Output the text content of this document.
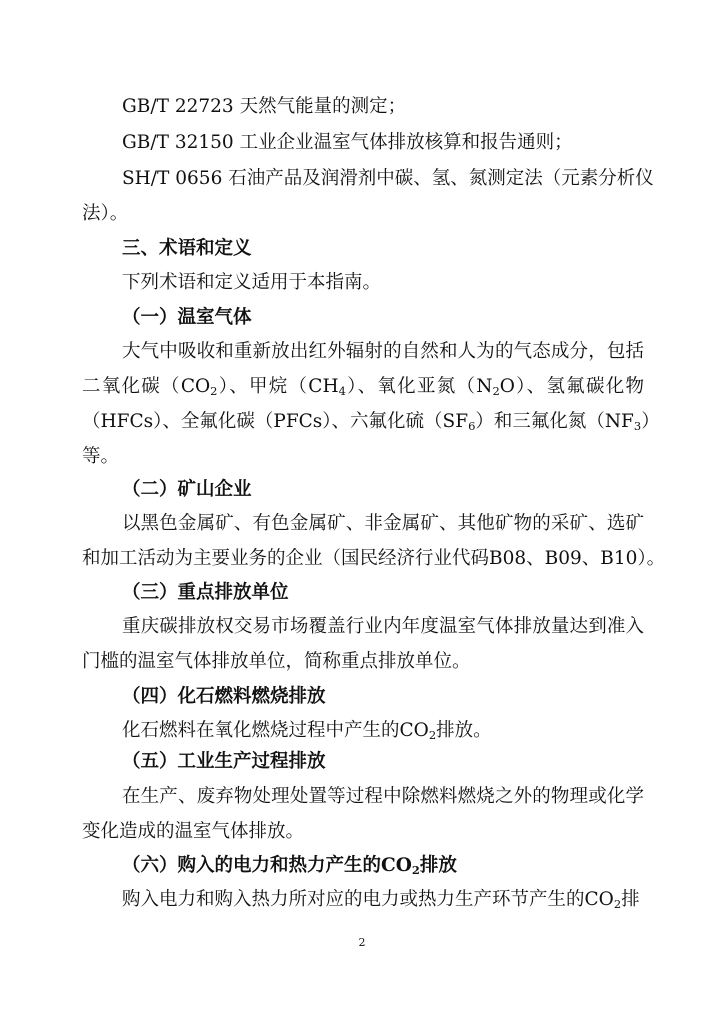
GB/T 22723 天然气能量的测定；
GB/T 32150 工业企业温室气体排放核算和报告通则；
SH/T 0656 石油产品及润滑剂中碳、氢、氮测定法（元素分析仪
法）。
三、术语和定义
下列术语和定义适用于本指南。
（一）温室气体
大气中吸收和重新放出红外辐射的自然和人为的气态成分，包括
二氧化碳$(CO_2)$、甲烷$(CH_4)$、氧化亚氮$(N_2O)$、氢氟碳化物
（HFCs）、全氟化碳（PFCs）、六氟化硫$(SF_6)$和三氟化氮$(NF_3)$
等。
（二）矿山企业
以黑色金属矿、有色金属矿、非金属矿、其他矿物的采矿、选矿
和加工活动为主要业务的企业（国民经济行业代码B08、B09、B10）。
（三）重点排放单位
重庆碳排放权交易市场覆盖行业内年度温室气体排放量达到准入
门槛的温室气体排放单位，简称重点排放单位。
（四）化石燃料燃烧排放
化石燃料在氧化燃烧过程中产生的$CO_2$排放。
（五）工业生产过程排放
在生产、废弃物处理处置等过程中除燃料燃烧之外的物理或化学
变化造成的温室气体排放。
（六）购入的电力和热力产生的$CO_2$排放
购入电力和购入热力所对应的电力或热力生产环节产生的$CO_2$排
2
